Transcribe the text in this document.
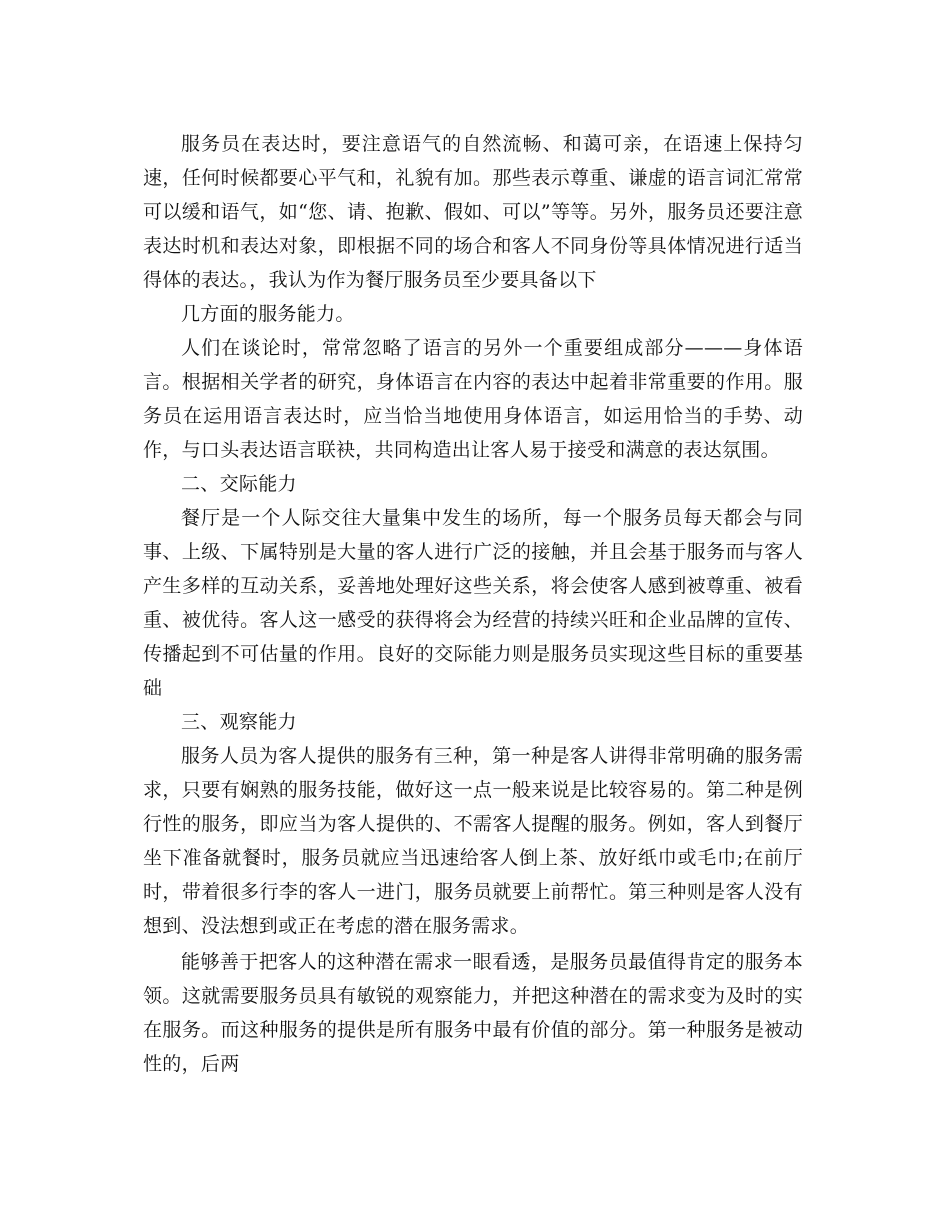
服务员在表达时，要注意语气的自然流畅、和蔼可亲，在语速上保持匀速，任何时候都要心平气和，礼貌有加。那些表示尊重、谦虚的语言词汇常常可以缓和语气，如“您、请、抱歉、假如、可以”等等。另外，服务员还要注意表达时机和表达对象，即根据不同的场合和客人不同身份等具体情况进行适当得体的表达。，我认为作为餐厅服务员至少要具备以下

几方面的服务能力。

人们在谈论时，常常忽略了语言的另外一个重要组成部分———身体语言。根据相关学者的研究，身体语言在内容的表达中起着非常重要的作用。服务员在运用语言表达时，应当恰当地使用身体语言，如运用恰当的手势、动作，与口头表达语言联袂，共同构造出让客人易于接受和满意的表达氛围。

二、交际能力

餐厅是一个人际交往大量集中发生的场所，每一个服务员每天都会与同事、上级、下属特别是大量的客人进行广泛的接触，并且会基于服务而与客人产生多样的互动关系，妥善地处理好这些关系，将会使客人感到被尊重、被看重、被优待。客人这一感受的获得将会为经营的持续兴旺和企业品牌的宣传、传播起到不可估量的作用。良好的交际能力则是服务员实现这些目标的重要基础

三、观察能力

服务人员为客人提供的服务有三种，第一种是客人讲得非常明确的服务需求，只要有娴熟的服务技能，做好这一点一般来说是比较容易的。第二种是例行性的服务，即应当为客人提供的、不需客人提醒的服务。例如，客人到餐厅坐下准备就餐时，服务员就应当迅速给客人倒上茶、放好纸巾或毛巾;在前厅时，带着很多行李的客人一进门，服务员就要上前帮忙。第三种则是客人没有想到、没法想到或正在考虑的潜在服务需求。

能够善于把客人的这种潜在需求一眼看透，是服务员最值得肯定的服务本领。这就需要服务员具有敏锐的观察能力，并把这种潜在的需求变为及时的实在服务。而这种服务的提供是所有服务中最有价值的部分。第一种服务是被动性的，后两
